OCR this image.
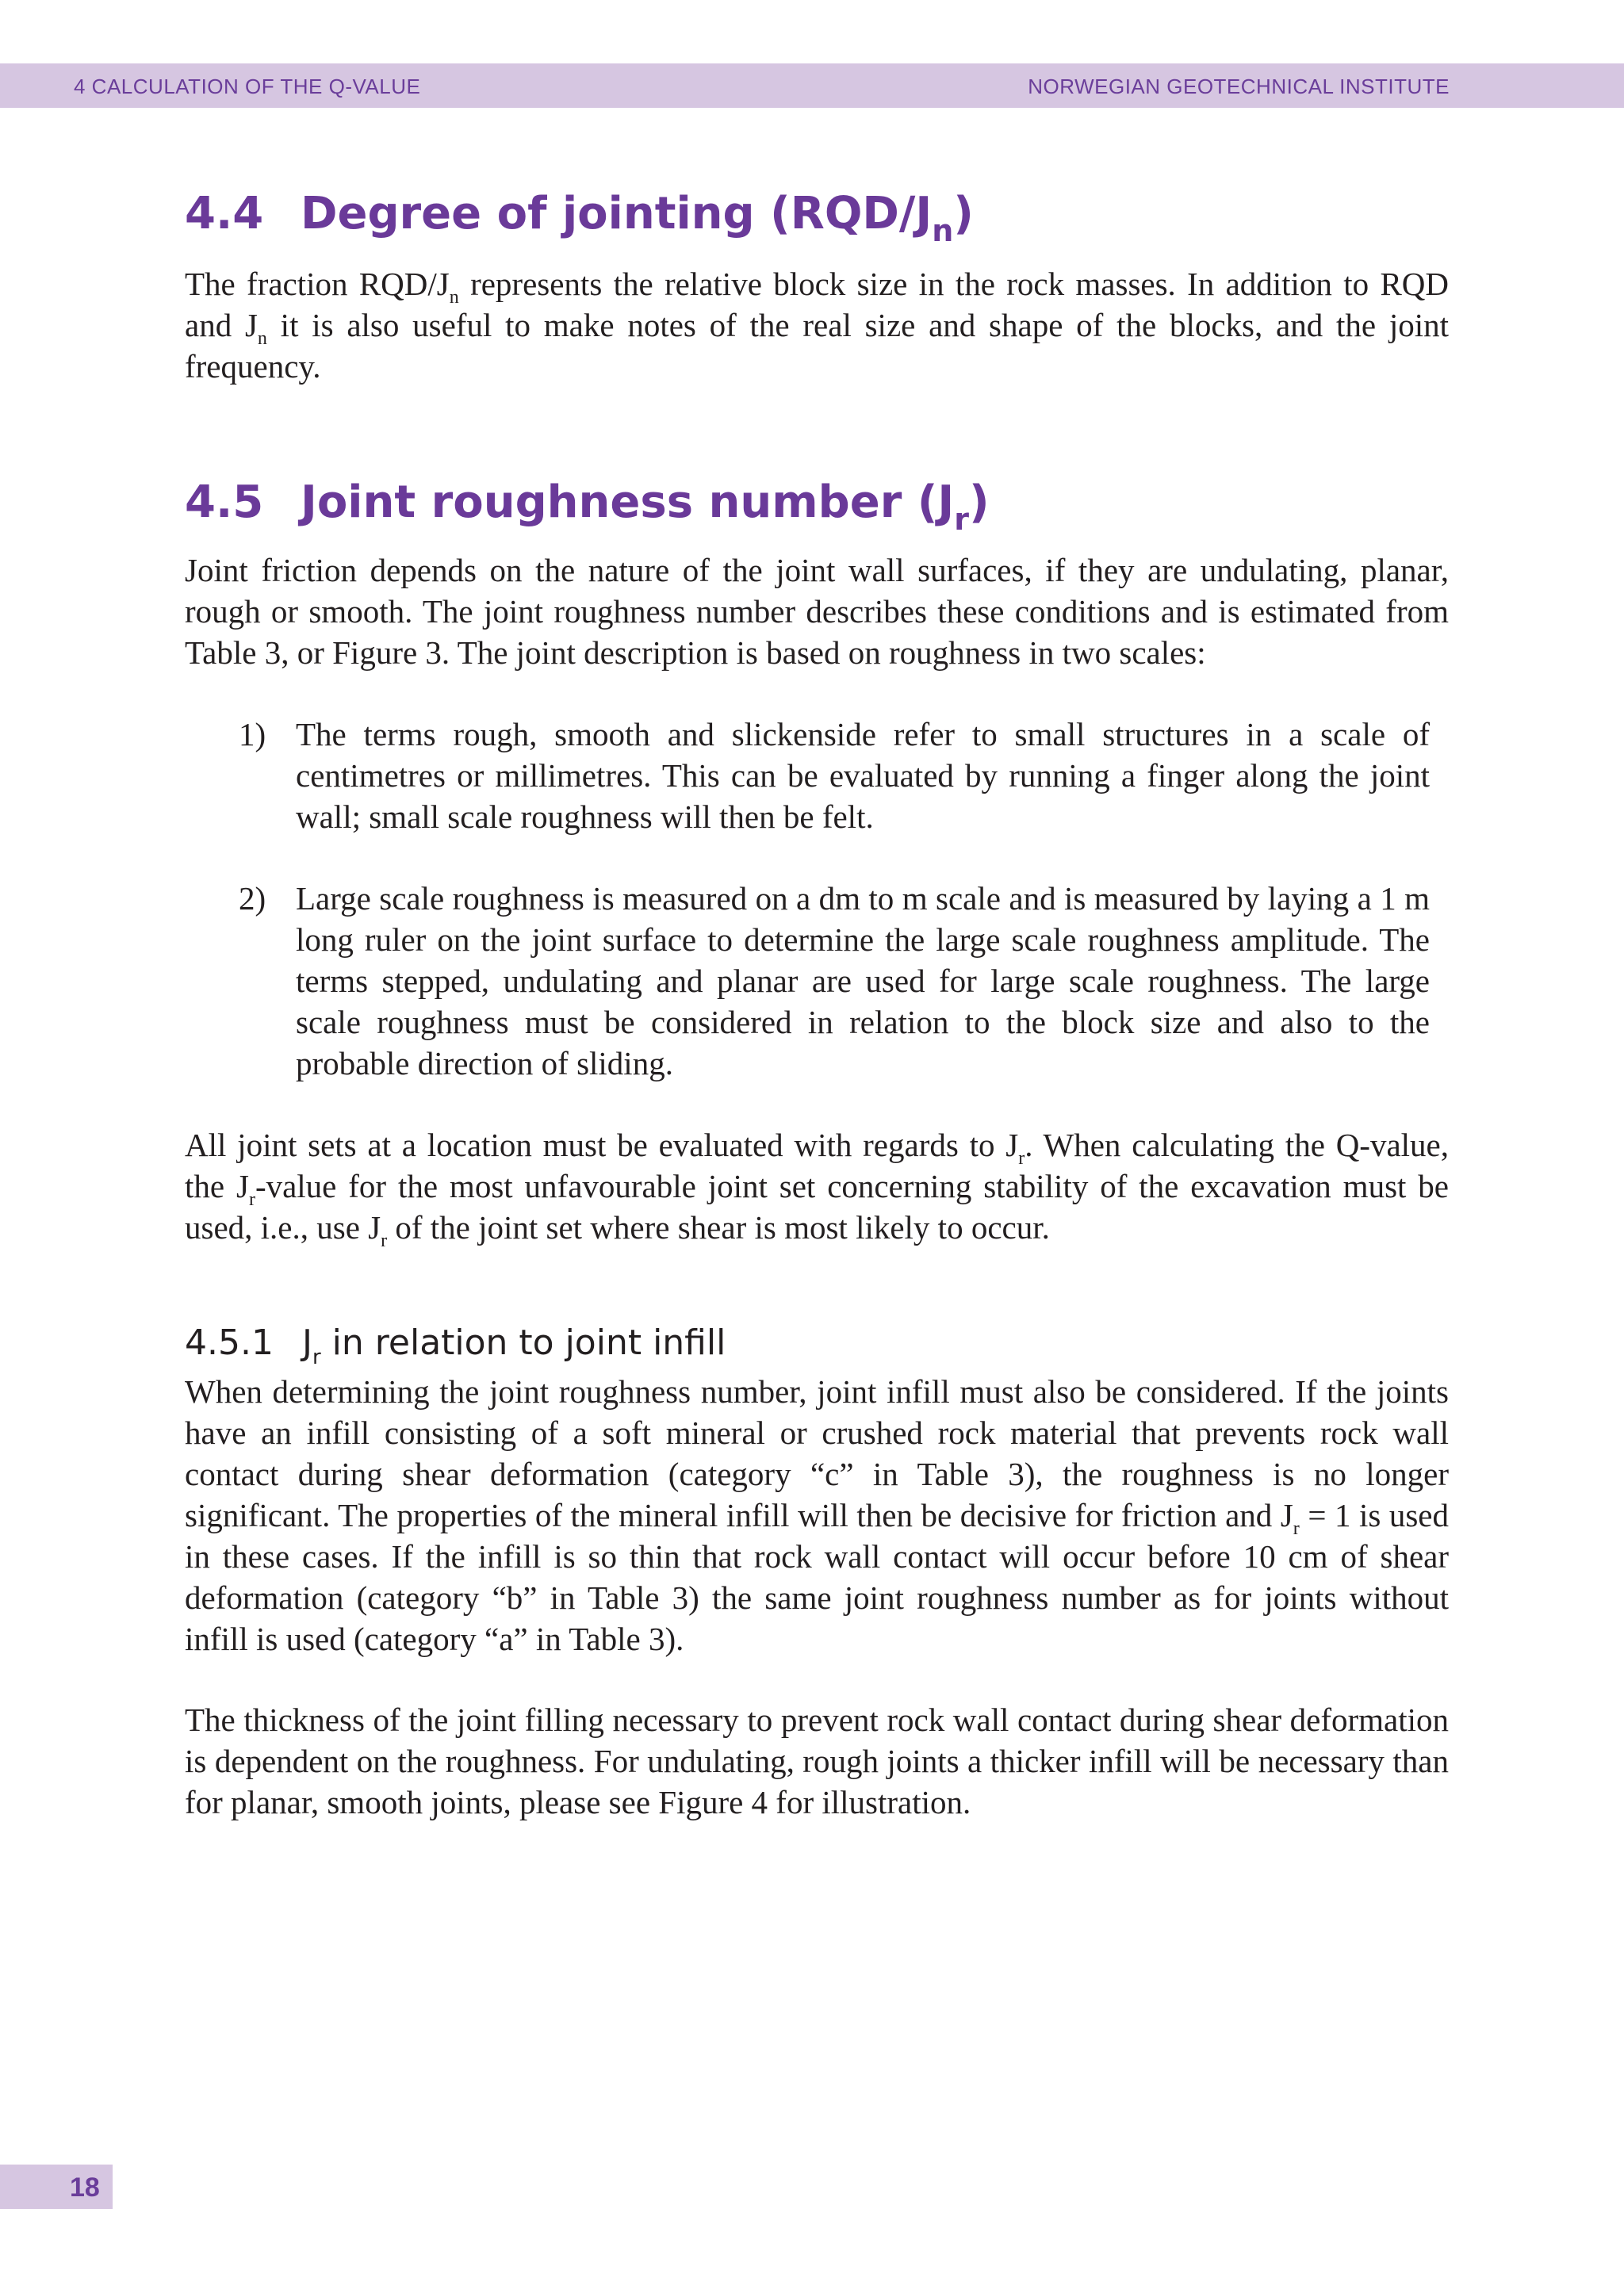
4 CALCULATION OF THE Q-VALUE	NORWEGIAN GEOTECHNICAL INSTITUTE
4.4 Degree of jointing $(RQD/J_n)$

The fraction RQD/$J_n$ represents the relative block size in the rock masses. In addition to RQD and $J_n$ it is also useful to make notes of the real size and shape of the blocks, and the joint frequency.

4.5 Joint roughness number $(J_r)$

Joint friction depends on the nature of the joint wall surfaces, if they are undulating, planar, rough or smooth. The joint roughness number describes these conditions and is estimated from Table 3, or Figure 3. The joint description is based on roughness in two scales:

1) The terms rough, smooth and slickenside refer to small structures in a scale of centimetres or millimetres. This can be evaluated by running a finger along the joint wall; small scale roughness will then be felt.

2) Large scale roughness is measured on a dm to m scale and is measured by laying a 1 m long ruler on the joint surface to determine the large scale roughness amplitude. The terms stepped, undulating and planar are used for large scale roughness. The large scale roughness must be considered in relation to the block size and also to the probable direction of sliding.

All joint sets at a location must be evaluated with regards to $J_r$. When calculating the Q-value, the $J_r$-value for the most unfavourable joint set concerning stability of the excavation must be used, i.e., use $J_r$ of the joint set where shear is most likely to occur.

4.5.1 $J_r$ in relation to joint infill

When determining the joint roughness number, joint infill must also be considered. If the joints have an infill consisting of a soft mineral or crushed rock material that prevents rock wall contact during shear deformation (category “c” in Table 3), the roughness is no longer significant. The properties of the mineral infill will then be decisive for friction and $J_r = 1$ is used in these cases. If the infill is so thin that rock wall contact will occur before 10 cm of shear deformation (category “b” in Table 3) the same joint roughness number as for joints without infill is used (category “a” in Table 3).

The thickness of the joint filling necessary to prevent rock wall contact during shear deformation is dependent on the roughness. For undulating, rough joints a thicker infill will be necessary than for planar, smooth joints, please see Figure 4 for illustration.

18
